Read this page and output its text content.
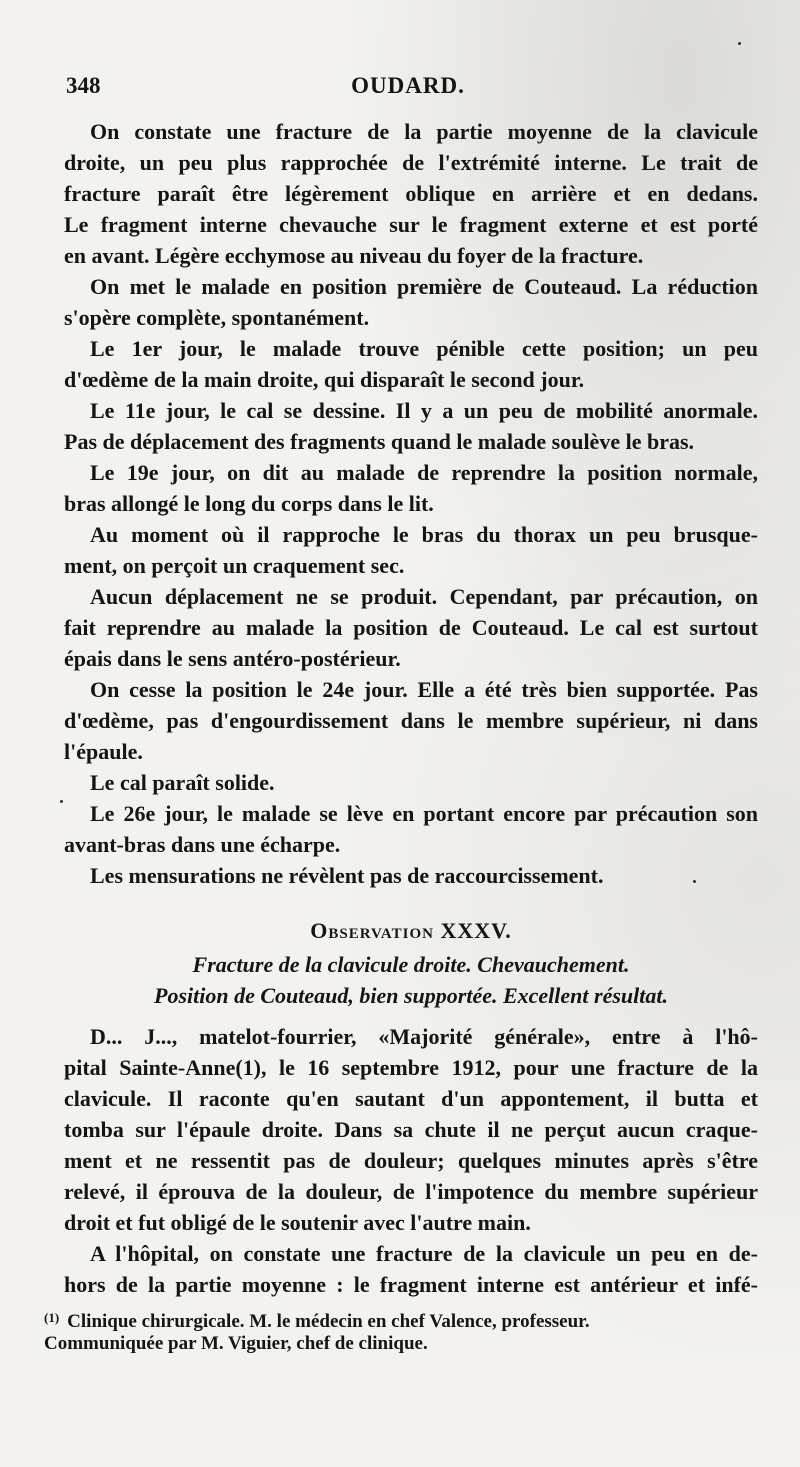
348	OUDARD.
On constate une fracture de la partie moyenne de la clavicule
droite, un peu plus rapprochée de l'extrémité interne. Le trait de
fracture paraît être légèrement oblique en arrière et en dedans.
Le fragment interne chevauche sur le fragment externe et est porté
en avant. Légère ecchymose au niveau du foyer de la fracture.
On met le malade en position première de Couteaud. La réduction
s'opère complète, spontanément.
Le 1er jour, le malade trouve pénible cette position; un peu
d'œdème de la main droite, qui disparaît le second jour.
Le 11e jour, le cal se dessine. Il y a un peu de mobilité anormale.
Pas de déplacement des fragments quand le malade soulève le bras.
Le 19e jour, on dit au malade de reprendre la position normale,
bras allongé le long du corps dans le lit.
Au moment où il rapproche le bras du thorax un peu brusque-
ment, on perçoit un craquement sec.
Aucun déplacement ne se produit. Cependant, par précaution, on
fait reprendre au malade la position de Couteaud. Le cal est surtout
épais dans le sens antéro-postérieur.
On cesse la position le 24e jour. Elle a été très bien supportée. Pas
d'œdème, pas d'engourdissement dans le membre supérieur, ni dans
l'épaule.
Le cal paraît solide.
Le 26e jour, le malade se lève en portant encore par précaution son
avant-bras dans une écharpe.
Les mensurations ne révèlent pas de raccourcissement.
Observation XXXV.
Fracture de la clavicule droite. Chevauchement.
Position de Couteaud, bien supportée. Excellent résultat.
D... J..., matelot-fourrier, «Majorité générale», entre à l'hô-
pital Sainte-Anne(1), le 16 septembre 1912, pour une fracture de la
clavicule. Il raconte qu'en sautant d'un appontement, il butta et
tomba sur l'épaule droite. Dans sa chute il ne perçut aucun craque-
ment et ne ressentit pas de douleur; quelques minutes après s'être
relevé, il éprouva de la douleur, de l'impotence du membre supérieur
droit et fut obligé de le soutenir avec l'autre main.
A l'hôpital, on constate une fracture de la clavicule un peu en de-
hors de la partie moyenne : le fragment interne est antérieur et infé-
$^{(1)}$ Clinique chirurgicale. M. le médecin en chef Valence, professeur.
Communiquée par M. Viguier, chef de clinique.
